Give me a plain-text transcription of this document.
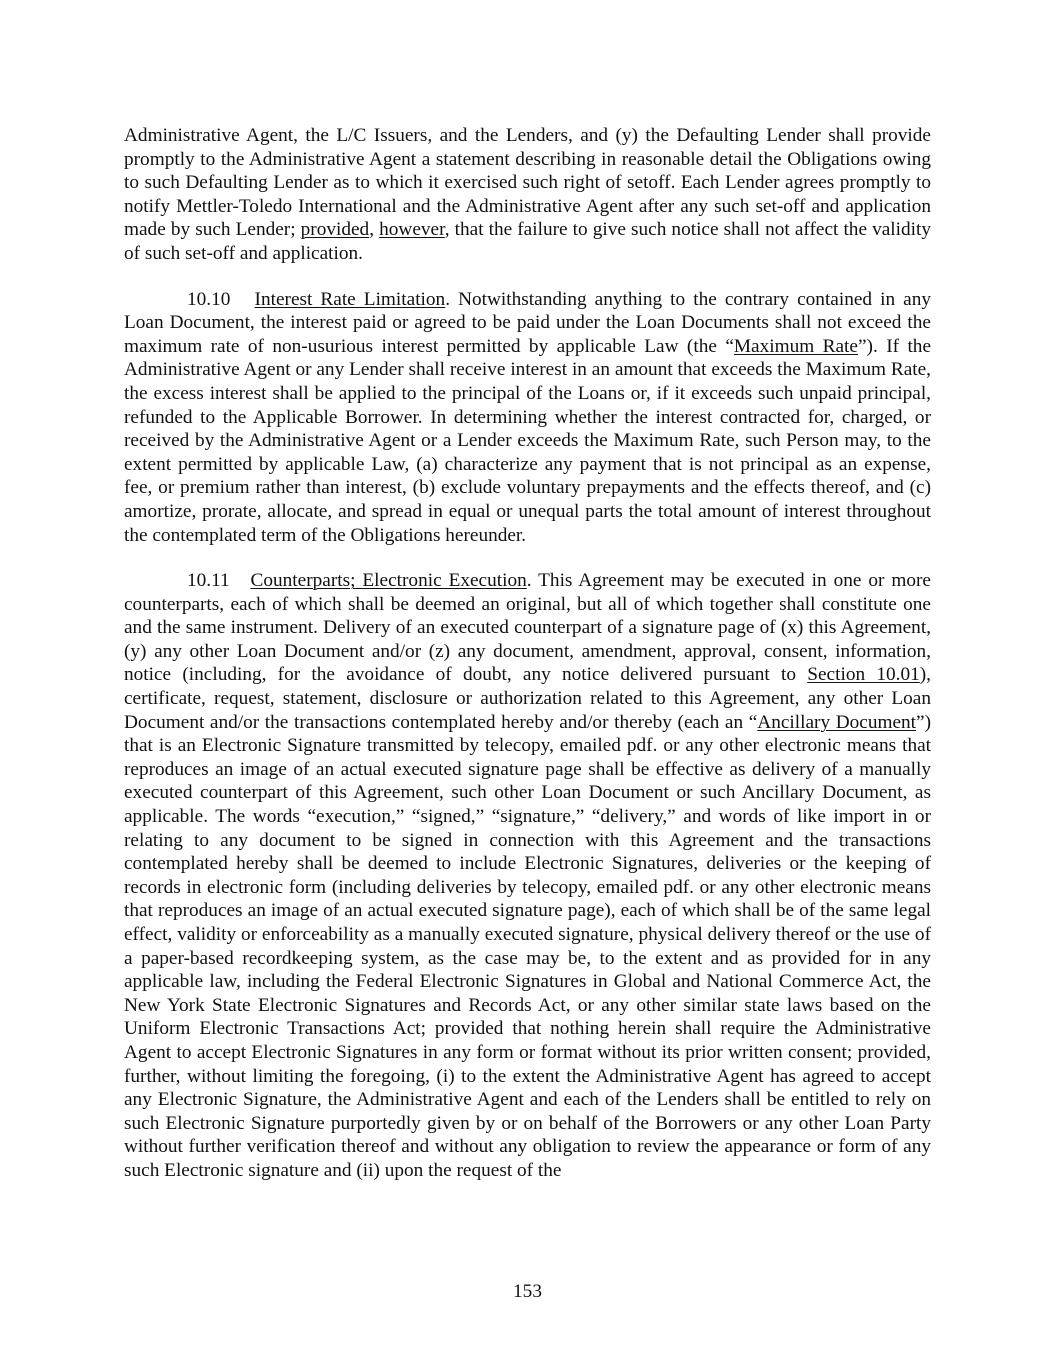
Administrative Agent, the L/C Issuers, and the Lenders, and (y) the Defaulting Lender shall provide promptly to the Administrative Agent a statement describing in reasonable detail the Obligations owing to such Defaulting Lender as to which it exercised such right of setoff. Each Lender agrees promptly to notify Mettler-Toledo International and the Administrative Agent after any such set-off and application made by such Lender; provided, however, that the failure to give such notice shall not affect the validity of such set-off and application.

10.10 Interest Rate Limitation. Notwithstanding anything to the contrary contained in any Loan Document, the interest paid or agreed to be paid under the Loan Documents shall not exceed the maximum rate of non-usurious interest permitted by applicable Law (the “Maximum Rate”). If the Administrative Agent or any Lender shall receive interest in an amount that exceeds the Maximum Rate, the excess interest shall be applied to the principal of the Loans or, if it exceeds such unpaid principal, refunded to the Applicable Borrower. In determining whether the interest contracted for, charged, or received by the Administrative Agent or a Lender exceeds the Maximum Rate, such Person may, to the extent permitted by applicable Law, (a) characterize any payment that is not principal as an expense, fee, or premium rather than interest, (b) exclude voluntary prepayments and the effects thereof, and (c) amortize, prorate, allocate, and spread in equal or unequal parts the total amount of interest throughout the contemplated term of the Obligations hereunder.

10.11 Counterparts; Electronic Execution. This Agreement may be executed in one or more counterparts, each of which shall be deemed an original, but all of which together shall constitute one and the same instrument. Delivery of an executed counterpart of a signature page of (x) this Agreement, (y) any other Loan Document and/or (z) any document, amendment, approval, consent, information, notice (including, for the avoidance of doubt, any notice delivered pursuant to Section 10.01), certificate, request, statement, disclosure or authorization related to this Agreement, any other Loan Document and/or the transactions contemplated hereby and/or thereby (each an “Ancillary Document”) that is an Electronic Signature transmitted by telecopy, emailed pdf. or any other electronic means that reproduces an image of an actual executed signature page shall be effective as delivery of a manually executed counterpart of this Agreement, such other Loan Document or such Ancillary Document, as applicable. The words “execution,” “signed,” “signature,” “delivery,” and words of like import in or relating to any document to be signed in connection with this Agreement and the transactions contemplated hereby shall be deemed to include Electronic Signatures, deliveries or the keeping of records in electronic form (including deliveries by telecopy, emailed pdf. or any other electronic means that reproduces an image of an actual executed signature page), each of which shall be of the same legal effect, validity or enforceability as a manually executed signature, physical delivery thereof or the use of a paper-based recordkeeping system, as the case may be, to the extent and as provided for in any applicable law, including the Federal Electronic Signatures in Global and National Commerce Act, the New York State Electronic Signatures and Records Act, or any other similar state laws based on the Uniform Electronic Transactions Act; provided that nothing herein shall require the Administrative Agent to accept Electronic Signatures in any form or format without its prior written consent; provided, further, without limiting the foregoing, (i) to the extent the Administrative Agent has agreed to accept any Electronic Signature, the Administrative Agent and each of the Lenders shall be entitled to rely on such Electronic Signature purportedly given by or on behalf of the Borrowers or any other Loan Party without further verification thereof and without any obligation to review the appearance or form of any such Electronic signature and (ii) upon the request of the

153
